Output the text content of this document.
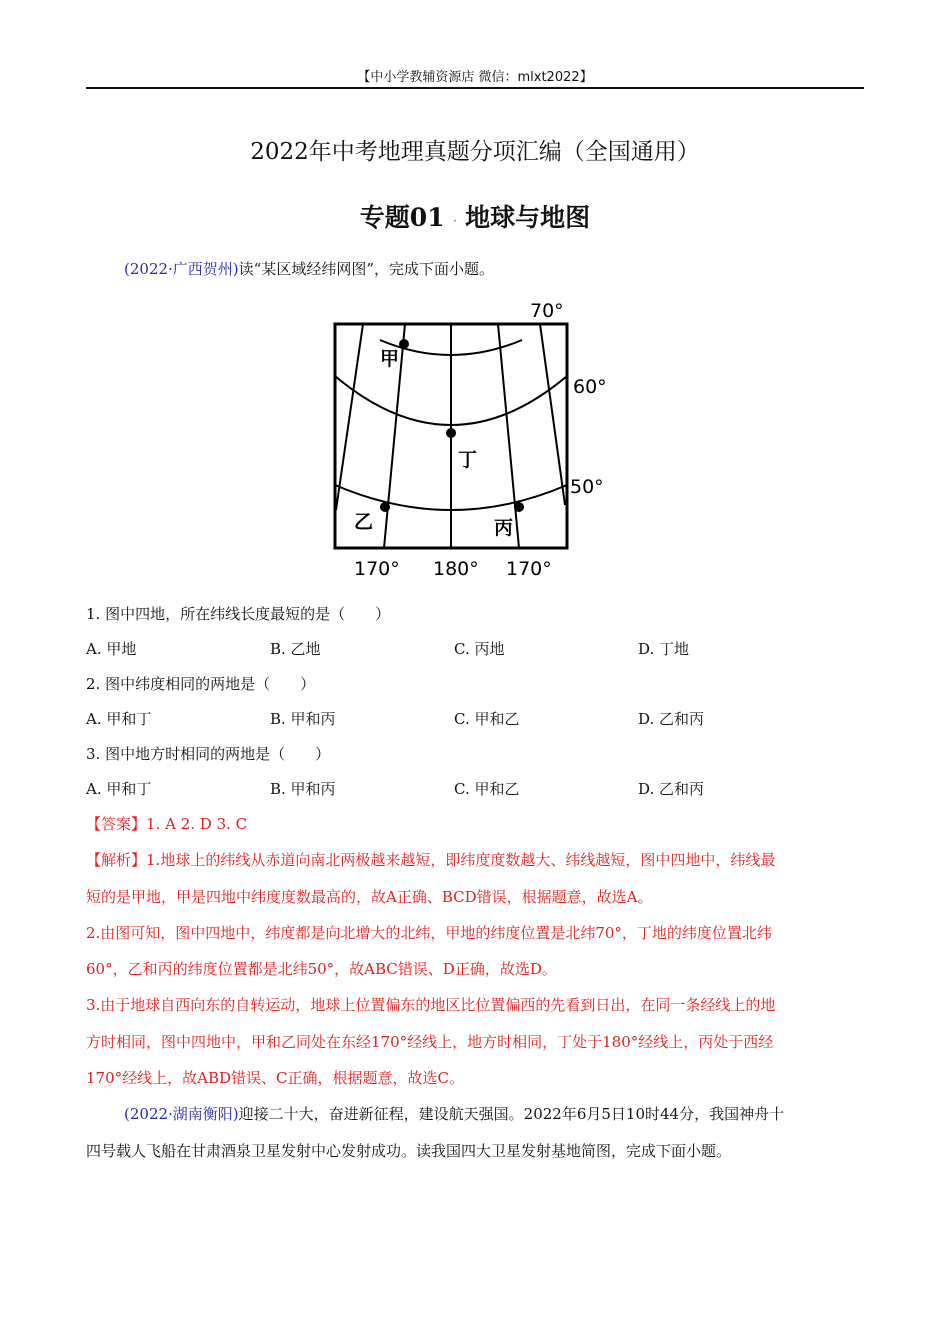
【中小学教辅资源店 微信：mlxt2022】
2022年中考地理真题分项汇编（全国通用）
专题01 . 地球与地图
(2022·广西贺州)读“某区域经纬网图”，完成下面小题。
甲
丁
乙	丙
70°
60°
50°
170° 180° 170°
1. 图中四地，所在纬线长度最短的是（　　）
A. 甲地	B. 乙地	C. 丙地	D. 丁地
2. 图中纬度相同的两地是（　　）
A. 甲和丁	B. 甲和丙	C. 甲和乙	D. 乙和丙
3. 图中地方时相同的两地是（　　）
A. 甲和丁	B. 甲和丙	C. 甲和乙	D. 乙和丙
【答案】1. A 2. D 3. C
【解析】1.地球上的纬线从赤道向南北两极越来越短，即纬度度数越大、纬线越短，图中四地中，纬线最
短的是甲地，甲是四地中纬度度数最高的，故A正确、BCD错误，根据题意，故选A。
2.由图可知，图中四地中，纬度都是向北增大的北纬，甲地的纬度位置是北纬70°，丁地的纬度位置北纬
60°，乙和丙的纬度位置都是北纬50°，故ABC错误、D正确，故选D。
3.由于地球自西向东的自转运动，地球上位置偏东的地区比位置偏西的先看到日出，在同一条经线上的地
方时相同，图中四地中，甲和乙同处在东经170°经线上，地方时相同，丁处于180°经线上，丙处于西经
170°经线上，故ABD错误、C正确，根据题意，故选C。
(2022·湖南衡阳)迎接二十大，奋进新征程，建设航天强国。2022年6月5日10时44分，我国神舟十
四号载人飞船在甘肃酒泉卫星发射中心发射成功。读我国四大卫星发射基地简图，完成下面小题。
